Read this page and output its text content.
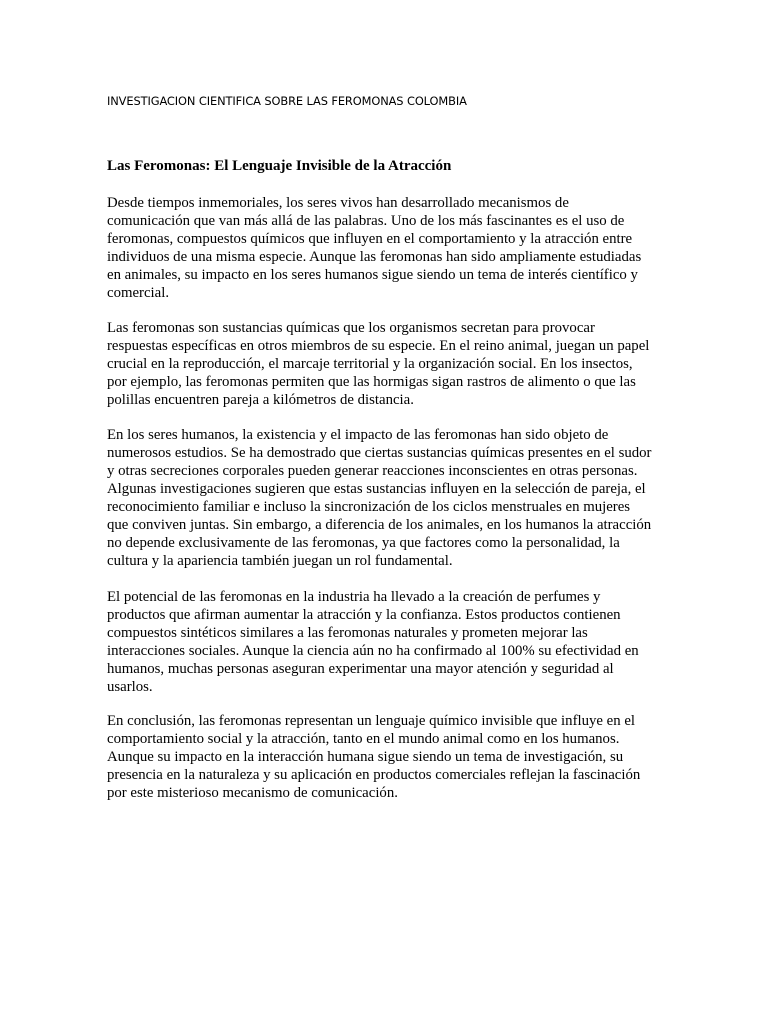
INVESTIGACION CIENTIFICA SOBRE LAS FEROMONAS COLOMBIA
Las Feromonas: El Lenguaje Invisible de la Atracción

Desde tiempos inmemoriales, los seres vivos han desarrollado mecanismos de
comunicación que van más allá de las palabras. Uno de los más fascinantes es el uso de
feromonas, compuestos químicos que influyen en el comportamiento y la atracción entre
individuos de una misma especie. Aunque las feromonas han sido ampliamente estudiadas
en animales, su impacto en los seres humanos sigue siendo un tema de interés científico y
comercial.

Las feromonas son sustancias químicas que los organismos secretan para provocar
respuestas específicas en otros miembros de su especie. En el reino animal, juegan un papel
crucial en la reproducción, el marcaje territorial y la organización social. En los insectos,
por ejemplo, las feromonas permiten que las hormigas sigan rastros de alimento o que las
polillas encuentren pareja a kilómetros de distancia.

En los seres humanos, la existencia y el impacto de las feromonas han sido objeto de
numerosos estudios. Se ha demostrado que ciertas sustancias químicas presentes en el sudor
y otras secreciones corporales pueden generar reacciones inconscientes en otras personas.
Algunas investigaciones sugieren que estas sustancias influyen en la selección de pareja, el
reconocimiento familiar e incluso la sincronización de los ciclos menstruales en mujeres
que conviven juntas. Sin embargo, a diferencia de los animales, en los humanos la atracción
no depende exclusivamente de las feromonas, ya que factores como la personalidad, la
cultura y la apariencia también juegan un rol fundamental.

El potencial de las feromonas en la industria ha llevado a la creación de perfumes y
productos que afirman aumentar la atracción y la confianza. Estos productos contienen
compuestos sintéticos similares a las feromonas naturales y prometen mejorar las
interacciones sociales. Aunque la ciencia aún no ha confirmado al 100% su efectividad en
humanos, muchas personas aseguran experimentar una mayor atención y seguridad al
usarlos.

En conclusión, las feromonas representan un lenguaje químico invisible que influye en el
comportamiento social y la atracción, tanto en el mundo animal como en los humanos.
Aunque su impacto en la interacción humana sigue siendo un tema de investigación, su
presencia en la naturaleza y su aplicación en productos comerciales reflejan la fascinación
por este misterioso mecanismo de comunicación.
